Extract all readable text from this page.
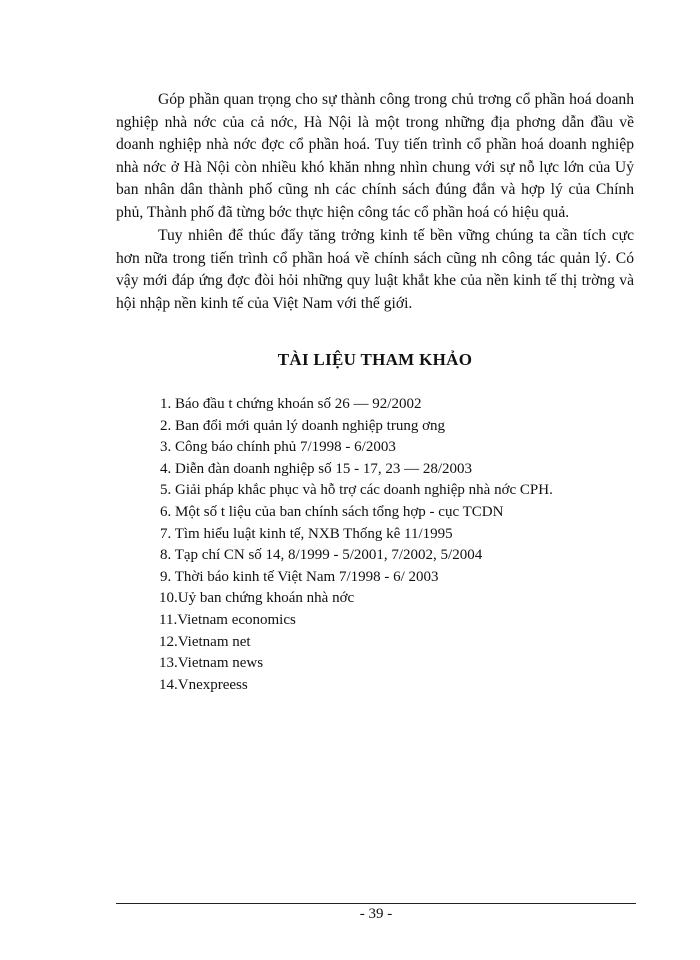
Góp phần quan trọng cho sự thành công trong chủ trơng cổ phần hoá doanh nghiệp nhà nớc của cả nớc, Hà Nội là một trong những địa phơng dẫn đầu về doanh nghiệp nhà nớc đợc cổ phần hoá. Tuy tiến trình cổ phần hoá doanh nghiệp nhà nớc ở Hà Nội còn nhiều khó khăn nhng nhìn chung với sự nỗ lực lớn của Uỷ ban nhân dân thành phố cũng nh các chính sách đúng đắn và hợp lý của Chính phủ, Thành phố đã từng bớc thực hiện công tác cổ phần hoá có hiệu quả.

Tuy nhiên để thúc đẩy tăng trởng kinh tế bền vững chúng ta cần tích cực hơn nữa trong tiến trình cổ phần hoá về chính sách cũng nh công tác quản lý. Có vậy mới đáp ứng đợc đòi hỏi những quy luật khắt khe của nền kinh tế thị trờng và hội nhập nền kinh tế của Việt Nam với thế giới.

TÀI LIỆU THAM KHẢO
1. Báo đầu t chứng khoán số 26 — 92/2002
2. Ban đổi mới quản lý doanh nghiệp trung ơng
3. Công báo chính phủ 7/1998 - 6/2003
4. Diễn đàn doanh nghiệp số 15 - 17, 23 — 28/2003
5. Giải pháp khắc phục và hỗ trợ các doanh nghiệp nhà nớc CPH.
6. Một số t liệu của ban chính sách tổng hợp - cục TCDN
7. Tìm hiểu luật kinh tế, NXB Thống kê 11/1995
8. Tạp chí CN số 14, 8/1999 - 5/2001, 7/2002, 5/2004
9. Thời báo kinh tế Việt Nam 7/1998 - 6/ 2003
10.Uỷ ban chứng khoán nhà nớc
11.Vietnam economics
12.Vietnam net
13.Vietnam news
14.Vnexpreess
- 39 -
